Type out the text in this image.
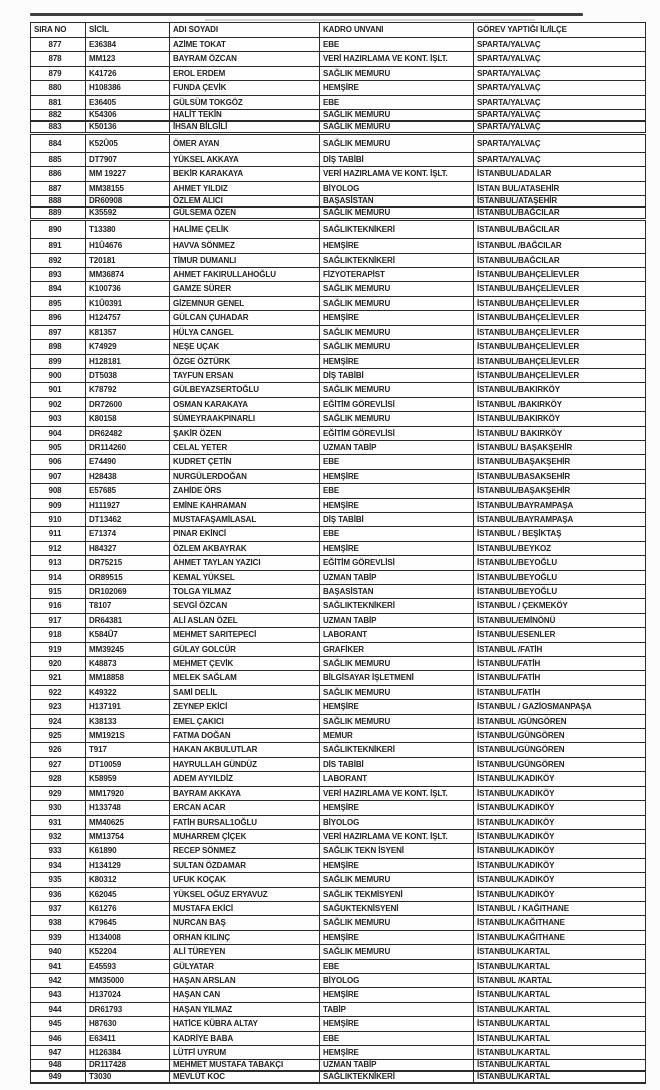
SIRA NO	SİCİL	ADI SOYADI	KADRO UNVANI	GÖREV YAPTIĞI İL/İLÇE
877	E36384	AZİME TOKAT	EBE	SPARTA/YALVAÇ
878	MM123	BAYRAM ÖZCAN	VERİ HAZIRLAMA VE KONT. İŞLT.	SPARTA/YALVAÇ
879	K41726	EROL ERDEM	SAĞLIK MEMURU	SPARTA/YALVAÇ
880	H108386	FUNDA ÇEVİK	HEMŞİRE	SPARTA/YALVAÇ
881	E36405	GÜLSÜM TOKGÖZ	EBE	SPARTA/YALVAÇ
882	K54306	HALİT TEKİN	SAĞLIK MEMURU	SPARTA/YALVAÇ
883	K50136	İHSAN BİLGİLİ	SAĞLIK MEMURU	SPARTA/YALVAÇ
884	K52Û05	ÖMER AYAN	SAĞLIK MEMURU	SPARTA/YALVAÇ
885	DT7907	YÜKSEL AKKAYA	DİŞ TABİBİ	SPARTA/YALVAÇ
886	MM 19227	BEKİR KARAKAYA	VERİ HAZIRLAMA VE KONT. İŞLT.	İSTANBUL/ADALAR
887	MM38155	AHMET YILDIZ	BİYOLOG	İSTAN BUL/ATASEHİR
888	DR60908	ÖZLEM ALICI	BAŞASİSTAN	İSTANBUL/ATAŞEHİR
889	K35592	GÜLSEMA ÖZEN	SAĞLIK MEMURU	İSTANBUL/BAĞCILAR
890	T13380	HALİME ÇELİK	SAĞLIKTEKNİKERİ	İSTANBUL/BAĞCILAR
891	H1Û4676	HAVVA SÖNMEZ	HEMŞİRE	İSTANBUL /BAĞCILAR
892	T20181	TİMUR DUMANLI	SAĞLIKTEKNİKERİ	İSTANBUL/BAĞCILAR
893	MM36874	AHMET FAKIRULLAHOĞLU	FİZYOTERAPİST	İSTANBUL/BAHÇELİEVLER
894	K100736	GAMZE SÜRER	SAĞLIK MEMURU	İSTANBUL/BAHÇELİEVLER
895	K1Û0391	GİZEMNUR GENEL	SAĞLIK MEMURU	İSTANBUL/BAHÇELİEVLER
896	H124757	GÜLCAN ÇUHADAR	HEMŞİRE	İSTANBUL/BAHÇELİEVLER
897	K81357	HÜLYA CANGEL	SAĞLIK MEMURU	İSTANBUL/BAHÇELİEVLER
898	K74929	NEŞE UÇAK	SAĞLIK MEMURU	İSTANBUL/BAHÇELİEVLER
899	H128181	ÖZGE ÖZTÜRK	HEMŞİRE	İSTANBUL/BAHÇELİEVLER
900	DT5038	TAYFUN ERSAN	DİŞ TABİBİ	İSTANBUL/BAHÇELİEVLER
901	K78792	GÜLBEYAZSERTOĞLU	SAĞLIK MEMURU	İSTANBUL/BAKIRKÖY
902	DR72600	OSMAN KARAKAYA	EĞİTİM GÖREVLİSİ	İSTANBUL /BAKIRKÖY
903	K80158	SÜMEYRAAKPINARLI	SAĞLIK MEMURU	İSTANBUL/BAKIRKÖY
904	DR62482	ŞAKİR ÖZEN	EĞİTİM GÖREVLİSİ	İSTANBUL/ BAKIRKÖY
905	DR114260	CELAL YETER	UZMAN TABİP	İSTANBUL/ BAŞAKŞEHİR
906	E74490	KUDRET ÇETİN	EBE	İSTANBUL/BAŞAKŞEHİR
907	H28438	NURGÜLERDOĞAN	HEMŞİRE	İSTANBUL/BASAKSEHİR
908	E57685	ZAHİDE ÖRS	EBE	İSTANBUL/BAŞAKŞEHİR
909	H111927	EMİNE KAHRAMAN	HEMŞİRE	İSTANBUL/BAYRAMPAŞA
910	DT13462	MUSTAFAŞAMİLASAL	DİŞ TABİBİ	İSTANBUL/BAYRAMPAŞA
911	E71374	PINAR EKİNCİ	EBE	İSTANBUL / BEŞİKTAŞ
912	H84327	ÖZLEM AKBAYRAK	HEMŞİRE	İSTANBUL/BEYKOZ
913	DR75215	AHMET TAYLAN YAZICI	EĞİTİM GÖREVLİSİ	İSTANBUL/BEYOĞLU
914	OR89515	KEMAL YÜKSEL	UZMAN TABİP	İSTANBUL/BEYOĞLU
915	DR102069	TOLGA YILMAZ	BAŞASİSTAN	İSTANBUL/BEYOĞLU
916	T8107	SEVGİ ÖZCAN	SAĞLIKTEKNİKERİ	İSTANBUL / ÇEKMEKÖY
917	DR64381	ALİ ASLAN ÖZEL	UZMAN TABİP	İSTANBUL/EMİNÖNÜ
918	K584Û7	MEHMET SARITEPECİ	LABORANT	İSTANBUL/ESENLER
919	MM39245	GÜLAY GOLCÜR	GRAFİKER	İSTANBUL /FATİH
920	K48873	MEHMET ÇEVİK	SAĞLIK MEMURU	İSTANBUL/FATİH
921	MM18858	MELEK SAĞLAM	BİLGİSAYAR İŞLETMENİ	İSTANBUL/FATİH
922	K49322	SAMİ DELİL	SAĞLIK MEMURU	İSTANBUL/FATİH
923	H137191	ZEYNEP EKİCİ	HEMŞİRE	İSTANBUL / GAZİOSMANPAŞA
924	K38133	EMEL ÇAKICI	SAĞLIK MEMURU	İSTANBUL /GÜNGÖREN
925	MM1921S	FATMA DOĞAN	MEMUR	İSTANBUL/GÜNGÖREN
926	T917	HAKAN AKBULUTLAR	SAĞLIKTEKNİKERİ	İSTANBUL/GÜNGÖREN
927	DT10059	HAYRULLAH GÜNDÜZ	DİS TABİBİ	İSTANBUL/GÜNGÖREN
928	K58959	ADEM AYYILDİZ	LABORANT	İSTANBUL/KADIKÖY
929	MM17920	BAYRAM AKKAYA	VERİ HAZIRLAMA VE KONT. İŞLT.	İSTANBUL/KADIKÖY
930	H133748	ERCAN ACAR	HEMŞİRE	İSTANBUL/KADIKÖY
931	MM40625	FATİH BURSAL1OĞLU	BİYOLOG	İSTANBUL/KADIKÖY
932	MM13754	MUHARREM ÇİÇEK	VERİ HAZIRLAMA VE KONT. İŞLT.	İSTANBUL/KADIKÖY
933	K61890	RECEP SÖNMEZ	SAĞLIK TEKN İSYENİ	İSTANBUL/KADIKÖY
934	H134129	SULTAN ÖZDAMAR	HEMŞİRE	İSTANBUL/KADIKÖY
935	K80312	UFUK KOÇAK	SAĞLIK MEMURU	İSTANBUL/KADIKÖY
936	K62045	YÜKSEL OĞUZ ERYAVUZ	SAĞLIK TEKMİSYENİ	İSTANBUL/KADIKÖY
937	K61276	MUSTAFA EKİCİ	SAĞUKTEKNİSYENİ	İSTANBUL / KAĞITHANE
938	K79645	NURCAN BAŞ	SAĞLIK MEMURU	İSTANBUL/KAĞITHANE
939	H134008	ORHAN KILINÇ	HEMŞİRE	İSTANBUL/KAĞITHANE
940	K52204	ALİ TÜREYEN	SAĞLIK MEMURU	İSTANBUL/KARTAL
941	E45593	GÜLYATAR	EBE	İSTANBUL/KARTAL
942	MM35000	HAŞAN ARSLAN	BİYOLOG	İSTANBUL /KARTAL
943	H137024	HAŞAN CAN	HEMŞİRE	İSTANBUL/KARTAL
944	DR61793	HAŞAN YILMAZ	TABİP	İSTANBUL/KARTAL
945	H87630	HATİCE KÜBRA ALTAY	HEMŞİRE	İSTANBUL/KARTAL
946	E63411	KADRİYE BABA	EBE	İSTANBUL/KARTAL
947	H126384	LÜTFİ UYRUM	HEMŞİRE	İSTANBUL/KARTAL
948	DR117428	MEHMET MUSTAFA TABAKÇI	UZMAN TABİP	İSTANBUL/KARTAL
949	T3030	MEVLÜT KOC	SAĞLIKTEKNİKERİ	İSTANBUL/KARTAL
